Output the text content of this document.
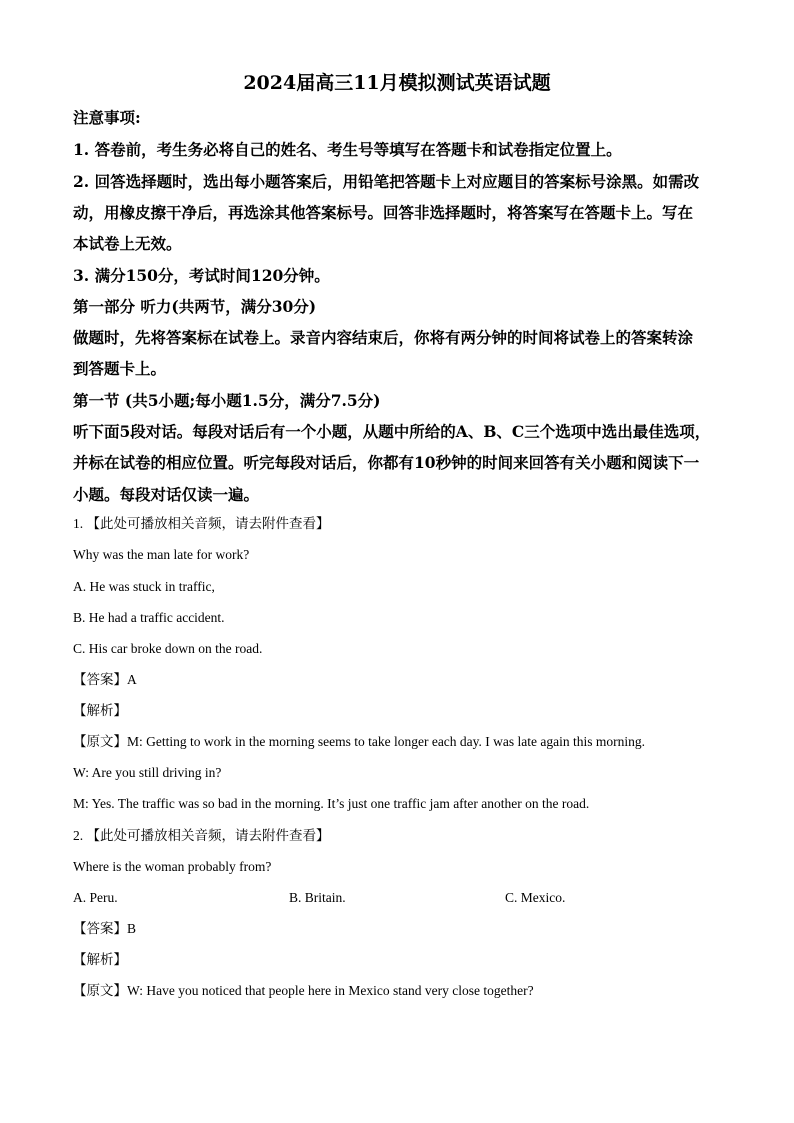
2024届高三11月模拟测试英语试题
注意事项:
1. 答卷前，考生务必将自己的姓名、考生号等填写在答题卡和试卷指定位置上。
2. 回答选择题时，选出每小题答案后，用铅笔把答题卡上对应题目的答案标号涂黑。如需改
动，用橡皮擦干净后，再选涂其他答案标号。回答非选择题时，将答案写在答题卡上。写在
本试卷上无效。
3. 满分150分，考试时间120分钟。
第一部分 听力(共两节，满分30分)
做题时，先将答案标在试卷上。录音内容结束后，你将有两分钟的时间将试卷上的答案转涂
到答题卡上。
第一节 (共5小题;每小题1.5分，满分7.5分)
听下面5段对话。每段对话后有一个小题，从题中所给的A、B、C三个选项中选出最佳选项，
并标在试卷的相应位置。听完每段对话后，你都有10秒钟的时间来回答有关小题和阅读下一
小题。每段对话仅读一遍。
1. 【此处可播放相关音频，请去附件查看】
Why was the man late for work?
A. He was stuck in traffic,
B. He had a traffic accident.
C. His car broke down on the road.
【答案】A
【解析】
【原文】M: Getting to work in the morning seems to take longer each day. I was late again this morning.
W: Are you still driving in?
M: Yes. The traffic was so bad in the morning. It’s just one traffic jam after another on the road.
2. 【此处可播放相关音频，请去附件查看】
Where is the woman probably from?
A. Peru.	B. Britain.	C. Mexico.
【答案】B
【解析】
【原文】W: Have you noticed that people here in Mexico stand very close together?
